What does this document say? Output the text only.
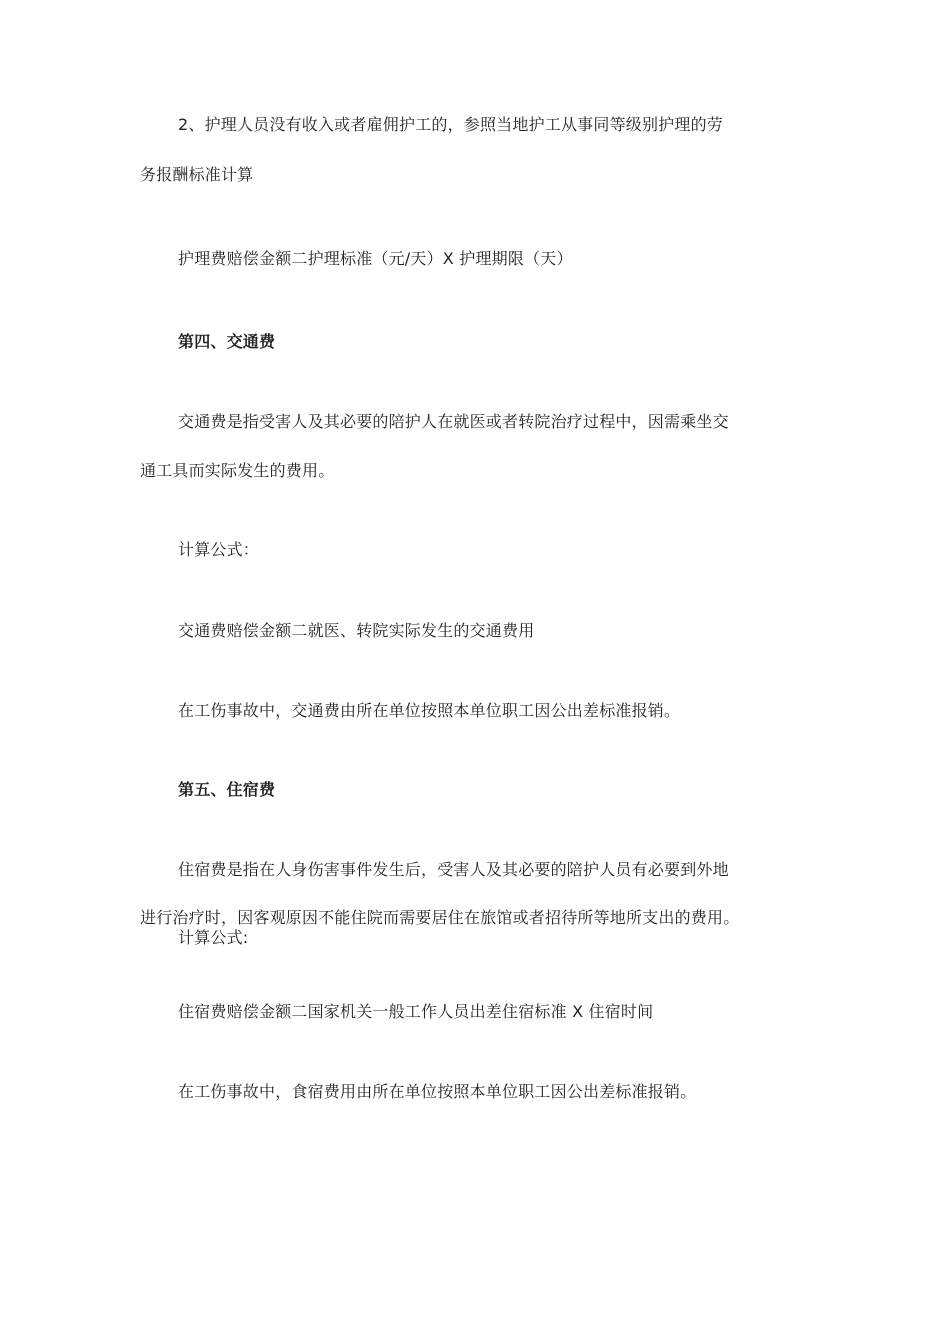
2、护理人员没有收入或者雇佣护工的，参照当地护工从事同等级别护理的劳
务报酬标准计算
护理费赔偿金额二护理标准（元/天）X 护理期限（天）
第四、交通费
交通费是指受害人及其必要的陪护人在就医或者转院治疗过程中，因需乘坐交
通工具而实际发生的费用。
计算公式：
交通费赔偿金额二就医、转院实际发生的交通费用
在工伤事故中，交通费由所在单位按照本单位职工因公出差标准报销。
第五、住宿费
住宿费是指在人身伤害事件发生后，受害人及其必要的陪护人员有必要到外地
进行治疗时，因客观原因不能住院而需要居住在旅馆或者招待所等地所支出的费用。
计算公式:
住宿费赔偿金额二国家机关一般工作人员出差住宿标准 X 住宿时间
在工伤事故中，食宿费用由所在单位按照本单位职工因公出差标准报销。
